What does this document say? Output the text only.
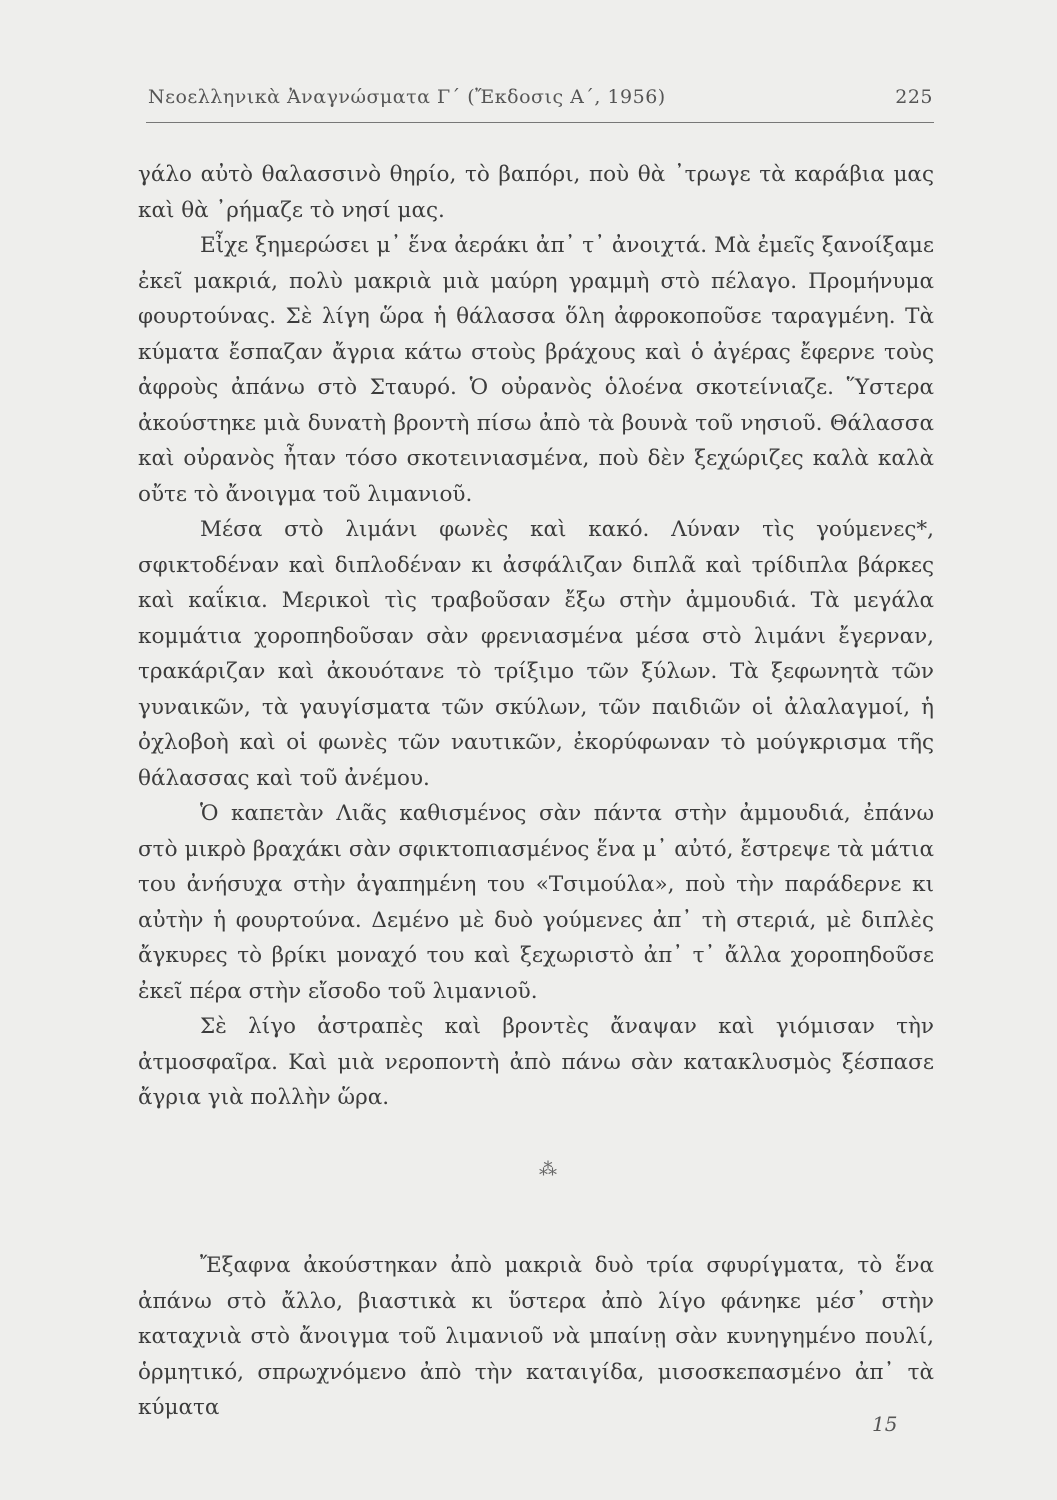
Νεοελληνικὰ Ἀναγνώσματα Γ´ (Ἔκδοσις Α´, 1956)	225

γάλο αὐτὸ θαλασσινὸ θηρίο, τὸ βαπόρι, ποὺ θὰ ᾽τρωγε τὰ καράβια μας καὶ θὰ ᾽ρήμαζε τὸ νησί μας.

Εἶχε ξημερώσει μ᾽ ἕνα ἀεράκι ἀπ᾽ τ᾽ ἀνοιχτά. Μὰ ἐμεῖς ξανοίξαμε ἐκεῖ μακριά, πολὺ μακριὰ μιὰ μαύρη γραμμὴ στὸ πέλαγο. Προμήνυμα φουρτούνας. Σὲ λίγη ὥρα ἡ θάλασσα ὅλη ἀφροκοποῦσε ταραγμένη. Τὰ κύματα ἔσπαζαν ἄγρια κάτω στοὺς βράχους καὶ ὁ ἀγέρας ἔφερνε τοὺς ἀφροὺς ἀπάνω στὸ Σταυρό. Ὁ οὐρανὸς ὁλοένα σκοτείνιαζε. Ὕστερα ἀκούστηκε μιὰ δυνατὴ βροντὴ πίσω ἀπὸ τὰ βουνὰ τοῦ νησιοῦ. Θάλασσα καὶ οὐρανὸς ἦταν τόσο σκοτεινιασμένα, ποὺ δὲν ξεχώριζες καλὰ καλὰ οὔτε τὸ ἄνοιγμα τοῦ λιμανιοῦ.

Μέσα στὸ λιμάνι φωνὲς καὶ κακό. Λύναν τὶς γούμενες*, σφικτοδέναν καὶ διπλοδέναν κι ἀσφάλιζαν διπλᾶ καὶ τρίδιπλα βάρκες καὶ καΐκια. Μερικοὶ τὶς τραβοῦσαν ἔξω στὴν ἀμμουδιά. Τὰ μεγάλα κομμάτια χοροπηδοῦσαν σὰν φρενιασμένα μέσα στὸ λιμάνι ἔγερναν, τρακάριζαν καὶ ἀκουότανε τὸ τρίξιμο τῶν ξύλων. Τὰ ξεφωνητὰ τῶν γυναικῶν, τὰ γαυγίσματα τῶν σκύλων, τῶν παιδιῶν οἱ ἀλαλαγμοί, ἡ ὀχλοβοὴ καὶ οἱ φωνὲς τῶν ναυτικῶν, ἐκορύφωναν τὸ μούγκρισμα τῆς θάλασσας καὶ τοῦ ἀνέμου.

Ὁ καπετὰν Λιᾶς καθισμένος σὰν πάντα στὴν ἀμμουδιά, ἐπάνω στὸ μικρὸ βραχάκι σὰν σφικτοπιασμένος ἕνα μ᾽ αὐτό, ἔστρεψε τὰ μάτια του ἀνήσυχα στὴν ἀγαπημένη του «Τσιμούλα», ποὺ τὴν παράδερνε κι αὐτὴν ἡ φουρτούνα. Δεμένο μὲ δυὸ γούμενες ἀπ᾽ τὴ στεριά, μὲ διπλὲς ἄγκυρες τὸ βρίκι μοναχό του καὶ ξεχωριστὸ ἀπ᾽ τ᾽ ἄλλα χοροπηδοῦσε ἐκεῖ πέρα στὴν εἴσοδο τοῦ λιμανιοῦ.

Σὲ λίγο ἀστραπὲς καὶ βροντὲς ἄναψαν καὶ γιόμισαν τὴν ἀτμοσφαῖρα. Καὶ μιὰ νεροποντὴ ἀπὸ πάνω σὰν κατακλυσμὸς ξέσπασε ἄγρια γιὰ πολλὴν ὥρα.

⁂

Ἔξαφνα ἀκούστηκαν ἀπὸ μακριὰ δυὸ τρία σφυρίγματα, τὸ ἕνα ἀπάνω στὸ ἄλλο, βιαστικὰ κι ὕστερα ἀπὸ λίγο φάνηκε μέσ᾽ στὴν καταχνιὰ στὸ ἄνοιγμα τοῦ λιμανιοῦ νὰ μπαίνῃ σὰν κυνηγημένο πουλί, ὁρμητικό, σπρωχνόμενο ἀπὸ τὴν καταιγίδα, μισοσκεπασμένο ἀπ᾽ τὰ κύματα

15
